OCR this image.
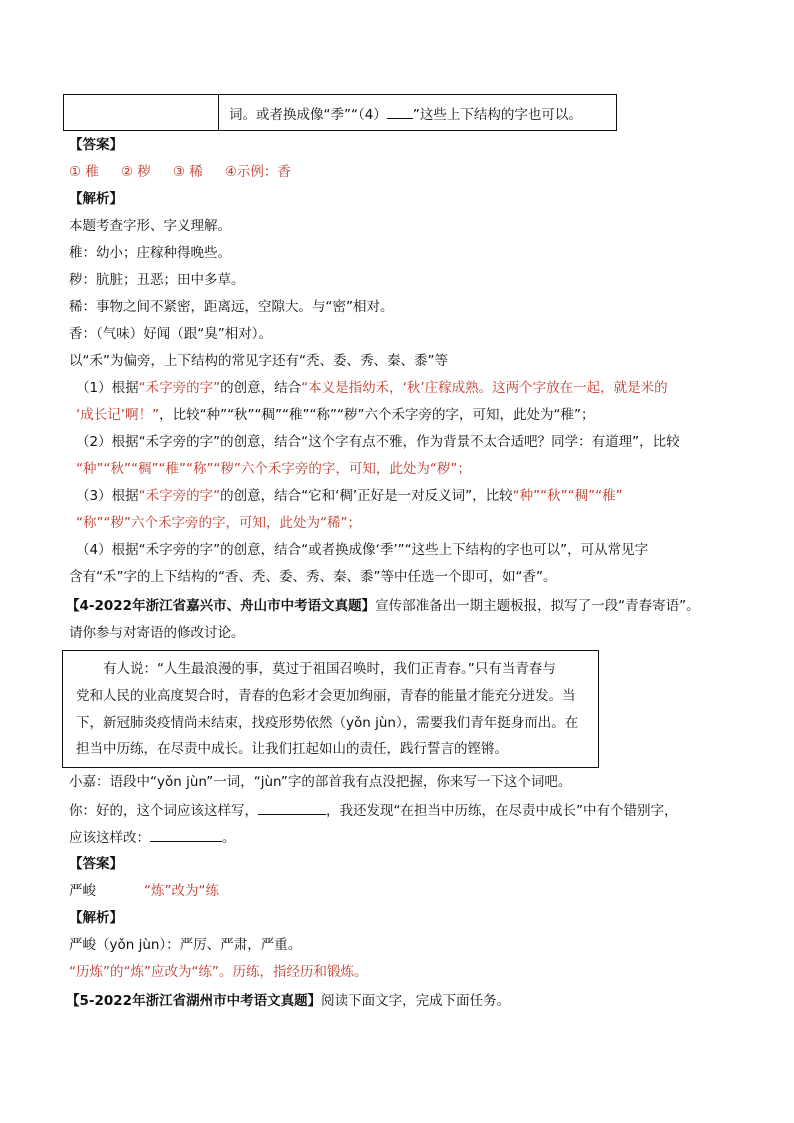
词。或者换成像“季”“（4） ”这些上下结构的字也可以。
【答案】
① 稚 ② 秽 ③ 稀 ④示例：香
【解析】
本题考查字形、字义理解。
稚：幼小；庄稼种得晚些。
秽：肮脏；丑恶；田中多草。
稀：事物之间不紧密，距离远，空隙大。与“密”相对。
香：（气味）好闻（跟“臭”相对）。
以“禾”为偏旁，上下结构的常见字还有“秃、委、秀、秦、黍”等
（1）根据“禾字旁的字”的创意，结合“本义是指幼禾，‘秋’庄稼成熟。这两个字放在一起，就是米的
‘成长记’啊！”，比较“种”“秋”“稠”“稚”“称”“秽”六个禾字旁的字，可知，此处为“稚”；
（2）根据“禾字旁的字”的创意，结合“这个字有点不雅，作为背景不太合适吧？同学：有道理”，比较
“种”“秋”“稠”“稚”“称”“秽”六个禾字旁的字，可知，此处为“秽”；
（3）根据“禾字旁的字”的创意，结合“它和‘稠’正好是一对反义词”，比较“种”“秋”“稠”“稚”
“称”“秽”六个禾字旁的字，可知，此处为“稀”；
（4）根据“禾字旁的字”的创意，结合“或者换成像‘季’”“这些上下结构的字也可以”，可从常见字
含有“禾”字的上下结构的“香、秃、委、秀、秦、黍”等中任选一个即可，如“香”。
【4-2022年浙江省嘉兴市、舟山市中考语文真题】宣传部准备出一期主题板报，拟写了一段“青春寄语”。
请你参与对寄语的修改讨论。
有人说：“人生最浪漫的事，莫过于祖国召唤时，我们正青春。”只有当青春与
党和人民的业高度契合时，青春的色彩才会更加绚丽，青春的能量才能充分迸发。当
下，新冠肺炎疫情尚未结束，找疫形势依然（yǒn jùn），需要我们青年挺身而出。在
担当中历练，在尽责中成长。让我们扛起如山的责任，践行誓言的铿锵。
小嘉：语段中“yǒn jùn”一词，“jùn”字的部首我有点没把握，你来写一下这个词吧。
你：好的，这个词应该这样写，	，我还发现“在担当中历练，在尽责中成长”中有个错别字，
应该这样改：	。
【答案】
严峻	“炼”改为“练
【解析】
严峻（yǒn jùn）：严厉、严肃，严重。
“历炼”的“炼”应改为“练”。历练，指经历和锻炼。
【5-2022年浙江省湖州市中考语文真题】阅读下面文字，完成下面任务。
